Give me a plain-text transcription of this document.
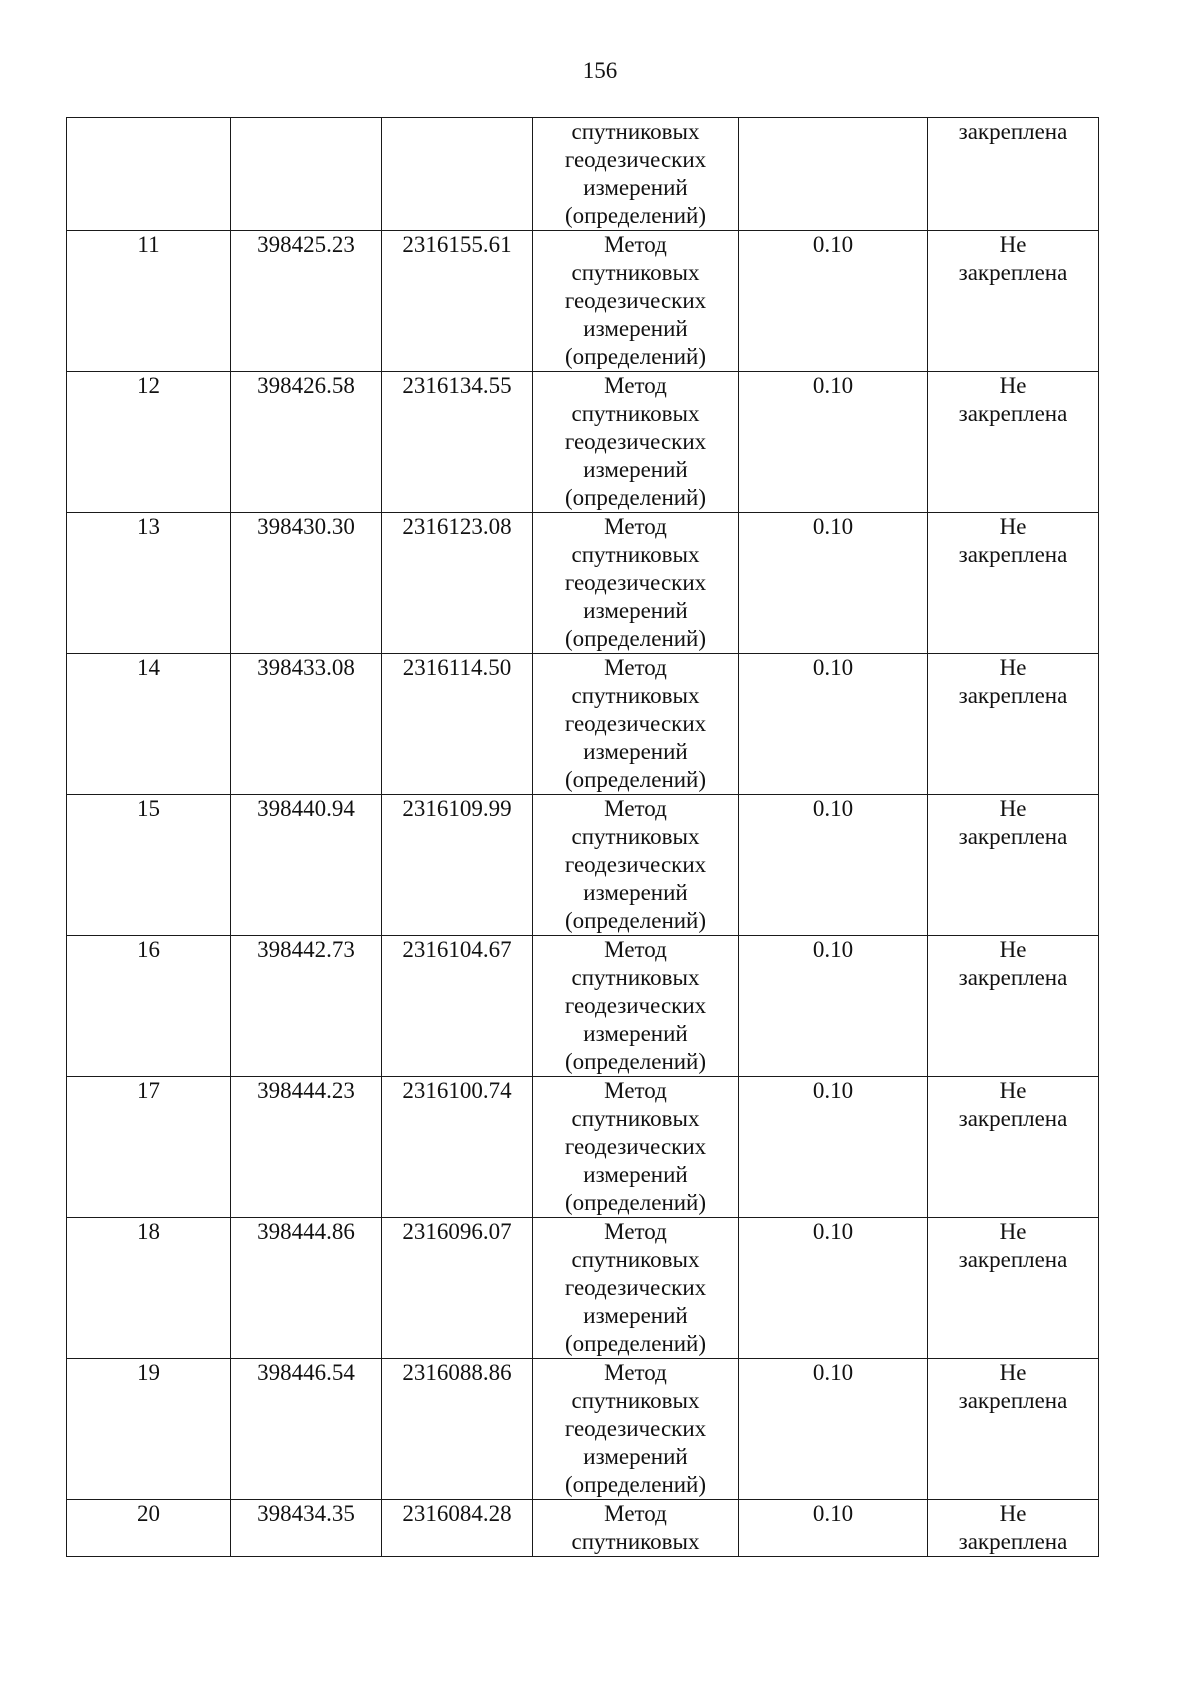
156
			спутниковых
геодезических
измерений
(определений)		закреплена
11	398425.23	2316155.61	Метод
спутниковых
геодезических
измерений
(определений)	0.10	Не
закреплена
12	398426.58	2316134.55	Метод
спутниковых
геодезических
измерений
(определений)	0.10	Не
закреплена
13	398430.30	2316123.08	Метод
спутниковых
геодезических
измерений
(определений)	0.10	Не
закреплена
14	398433.08	2316114.50	Метод
спутниковых
геодезических
измерений
(определений)	0.10	Не
закреплена
15	398440.94	2316109.99	Метод
спутниковых
геодезических
измерений
(определений)	0.10	Не
закреплена
16	398442.73	2316104.67	Метод
спутниковых
геодезических
измерений
(определений)	0.10	Не
закреплена
17	398444.23	2316100.74	Метод
спутниковых
геодезических
измерений
(определений)	0.10	Не
закреплена
18	398444.86	2316096.07	Метод
спутниковых
геодезических
измерений
(определений)	0.10	Не
закреплена
19	398446.54	2316088.86	Метод
спутниковых
геодезических
измерений
(определений)	0.10	Не
закреплена
20	398434.35	2316084.28	Метод
спутниковых	0.10	Не
закреплена
